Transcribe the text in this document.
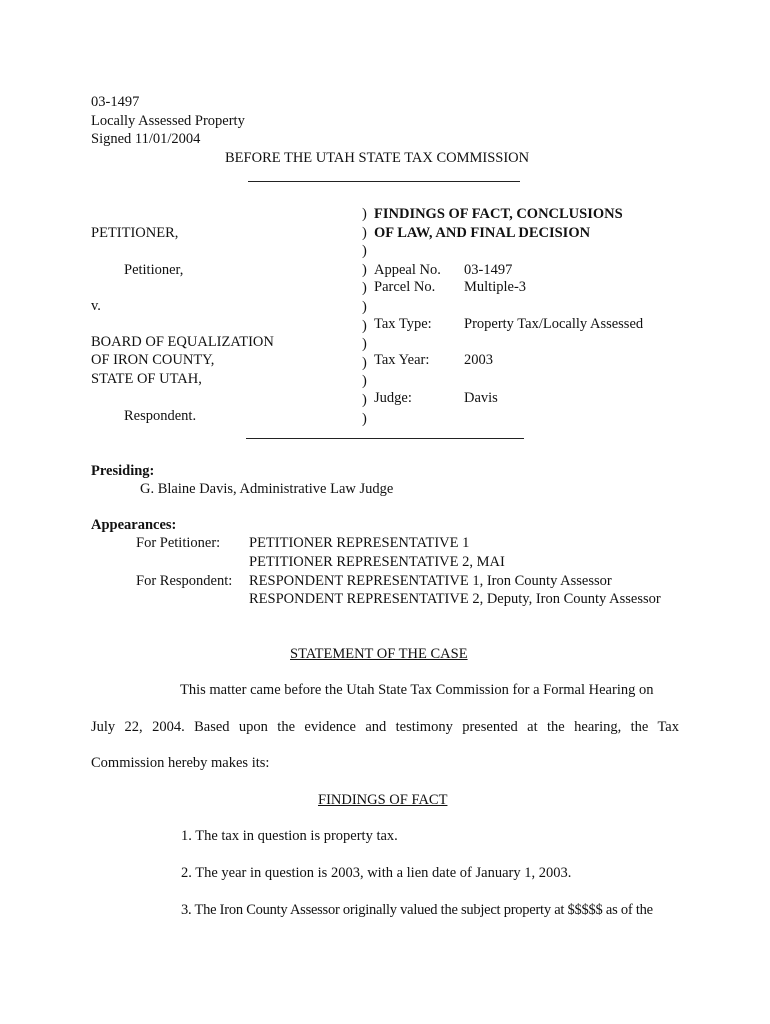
03-1497
Locally Assessed Property
Signed 11/01/2004
BEFORE THE UTAH STATE TAX COMMISSION
PETITIONER,
Petitioner,
v.
BOARD OF EQUALIZATION
OF IRON COUNTY,
STATE OF UTAH,
Respondent.
)
)
)
)
)
)
)
)
)
)
)
)
FINDINGS OF FACT, CONCLUSIONS
OF LAW, AND FINAL DECISION
Appeal No. 03-1497
Parcel No. Multiple-3
Tax Type: Property Tax/Locally Assessed
Tax Year: 2003
Judge:	Davis
Presiding:
G. Blaine Davis, Administrative Law Judge
Appearances:
For Petitioner: PETITIONER REPRESENTATIVE 1
PETITIONER REPRESENTATIVE 2, MAI
For Respondent: RESPONDENT REPRESENTATIVE 1, Iron County Assessor
RESPONDENT REPRESENTATIVE 2, Deputy, Iron County Assessor
STATEMENT OF THE CASE
This matter came before the Utah State Tax Commission for a Formal Hearing on
July 22, 2004. Based upon the evidence and testimony presented at the hearing, the Tax
Commission hereby makes its:
FINDINGS OF FACT
1. The tax in question is property tax.
2. The year in question is 2003, with a lien date of January 1, 2003.
3. The Iron County Assessor originally valued the subject property at $$$$$ as of the
